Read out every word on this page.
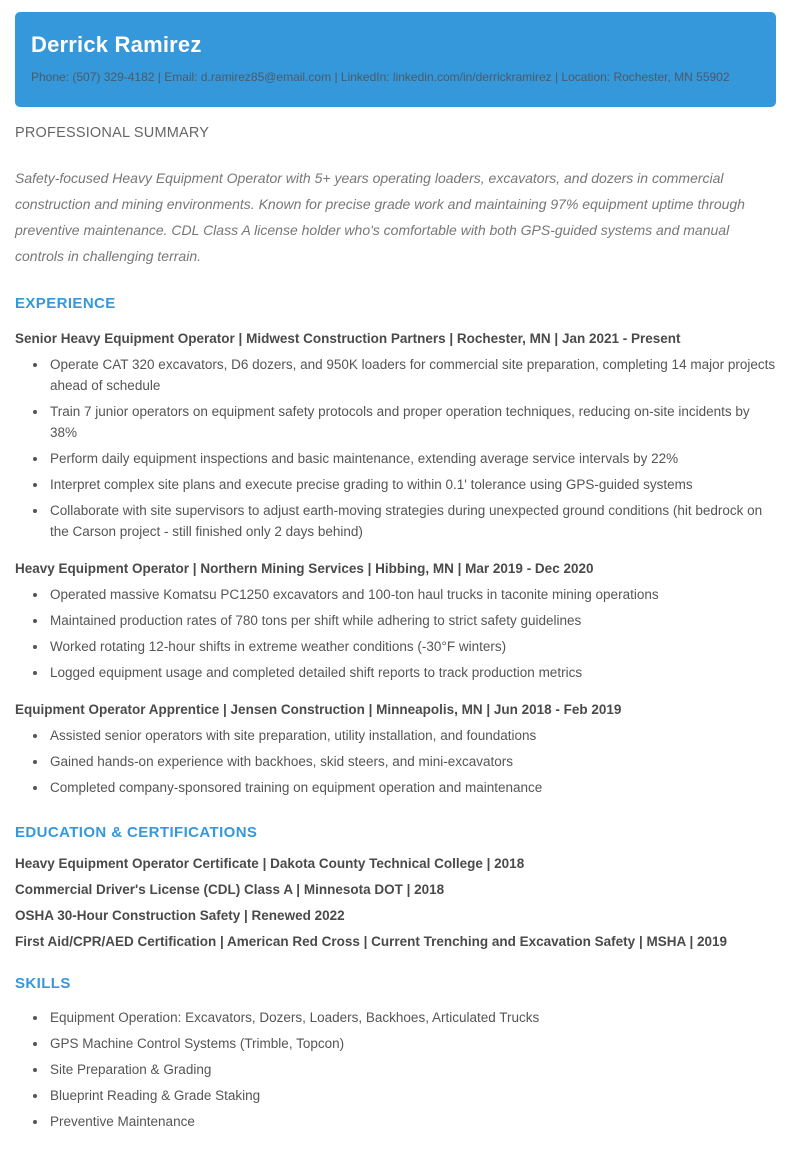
Derrick Ramirez

Phone: (507) 329-4182 | Email: d.ramirez85@email.com | LinkedIn: linkedin.com/in/derrickramirez | Location: Rochester, MN 55902

PROFESSIONAL SUMMARY

Safety-focused Heavy Equipment Operator with 5+ years operating loaders, excavators, and dozers in commercial construction and mining environments. Known for precise grade work and maintaining 97% equipment uptime through preventive maintenance. CDL Class A license holder who's comfortable with both GPS-guided systems and manual controls in challenging terrain.

EXPERIENCE
Senior Heavy Equipment Operator | Midwest Construction Partners | Rochester, MN | Jan 2021 - Present
• Operate CAT 320 excavators, D6 dozers, and 950K loaders for commercial site preparation, completing 14 major projects ahead of schedule
• Train 7 junior operators on equipment safety protocols and proper operation techniques, reducing on-site incidents by 38%
• Perform daily equipment inspections and basic maintenance, extending average service intervals by 22%
• Interpret complex site plans and execute precise grading to within 0.1' tolerance using GPS-guided systems
• Collaborate with site supervisors to adjust earth-moving strategies during unexpected ground conditions (hit bedrock on the Carson project - still finished only 2 days behind)
Heavy Equipment Operator | Northern Mining Services | Hibbing, MN | Mar 2019 - Dec 2020
• Operated massive Komatsu PC1250 excavators and 100-ton haul trucks in taconite mining operations
• Maintained production rates of 780 tons per shift while adhering to strict safety guidelines
• Worked rotating 12-hour shifts in extreme weather conditions (-30°F winters)
• Logged equipment usage and completed detailed shift reports to track production metrics
Equipment Operator Apprentice | Jensen Construction | Minneapolis, MN | Jun 2018 - Feb 2019
• Assisted senior operators with site preparation, utility installation, and foundations
• Gained hands-on experience with backhoes, skid steers, and mini-excavators
• Completed company-sponsored training on equipment operation and maintenance
EDUCATION & CERTIFICATIONS

Heavy Equipment Operator Certificate | Dakota County Technical College | 2018

Commercial Driver's License (CDL) Class A | Minnesota DOT | 2018

OSHA 30-Hour Construction Safety | Renewed 2022

First Aid/CPR/AED Certification | American Red Cross | Current Trenching and Excavation Safety | MSHA | 2019

SKILLS
• Equipment Operation: Excavators, Dozers, Loaders, Backhoes, Articulated Trucks
• GPS Machine Control Systems (Trimble, Topcon)
• Site Preparation & Grading
• Blueprint Reading & Grade Staking
• Preventive Maintenance
